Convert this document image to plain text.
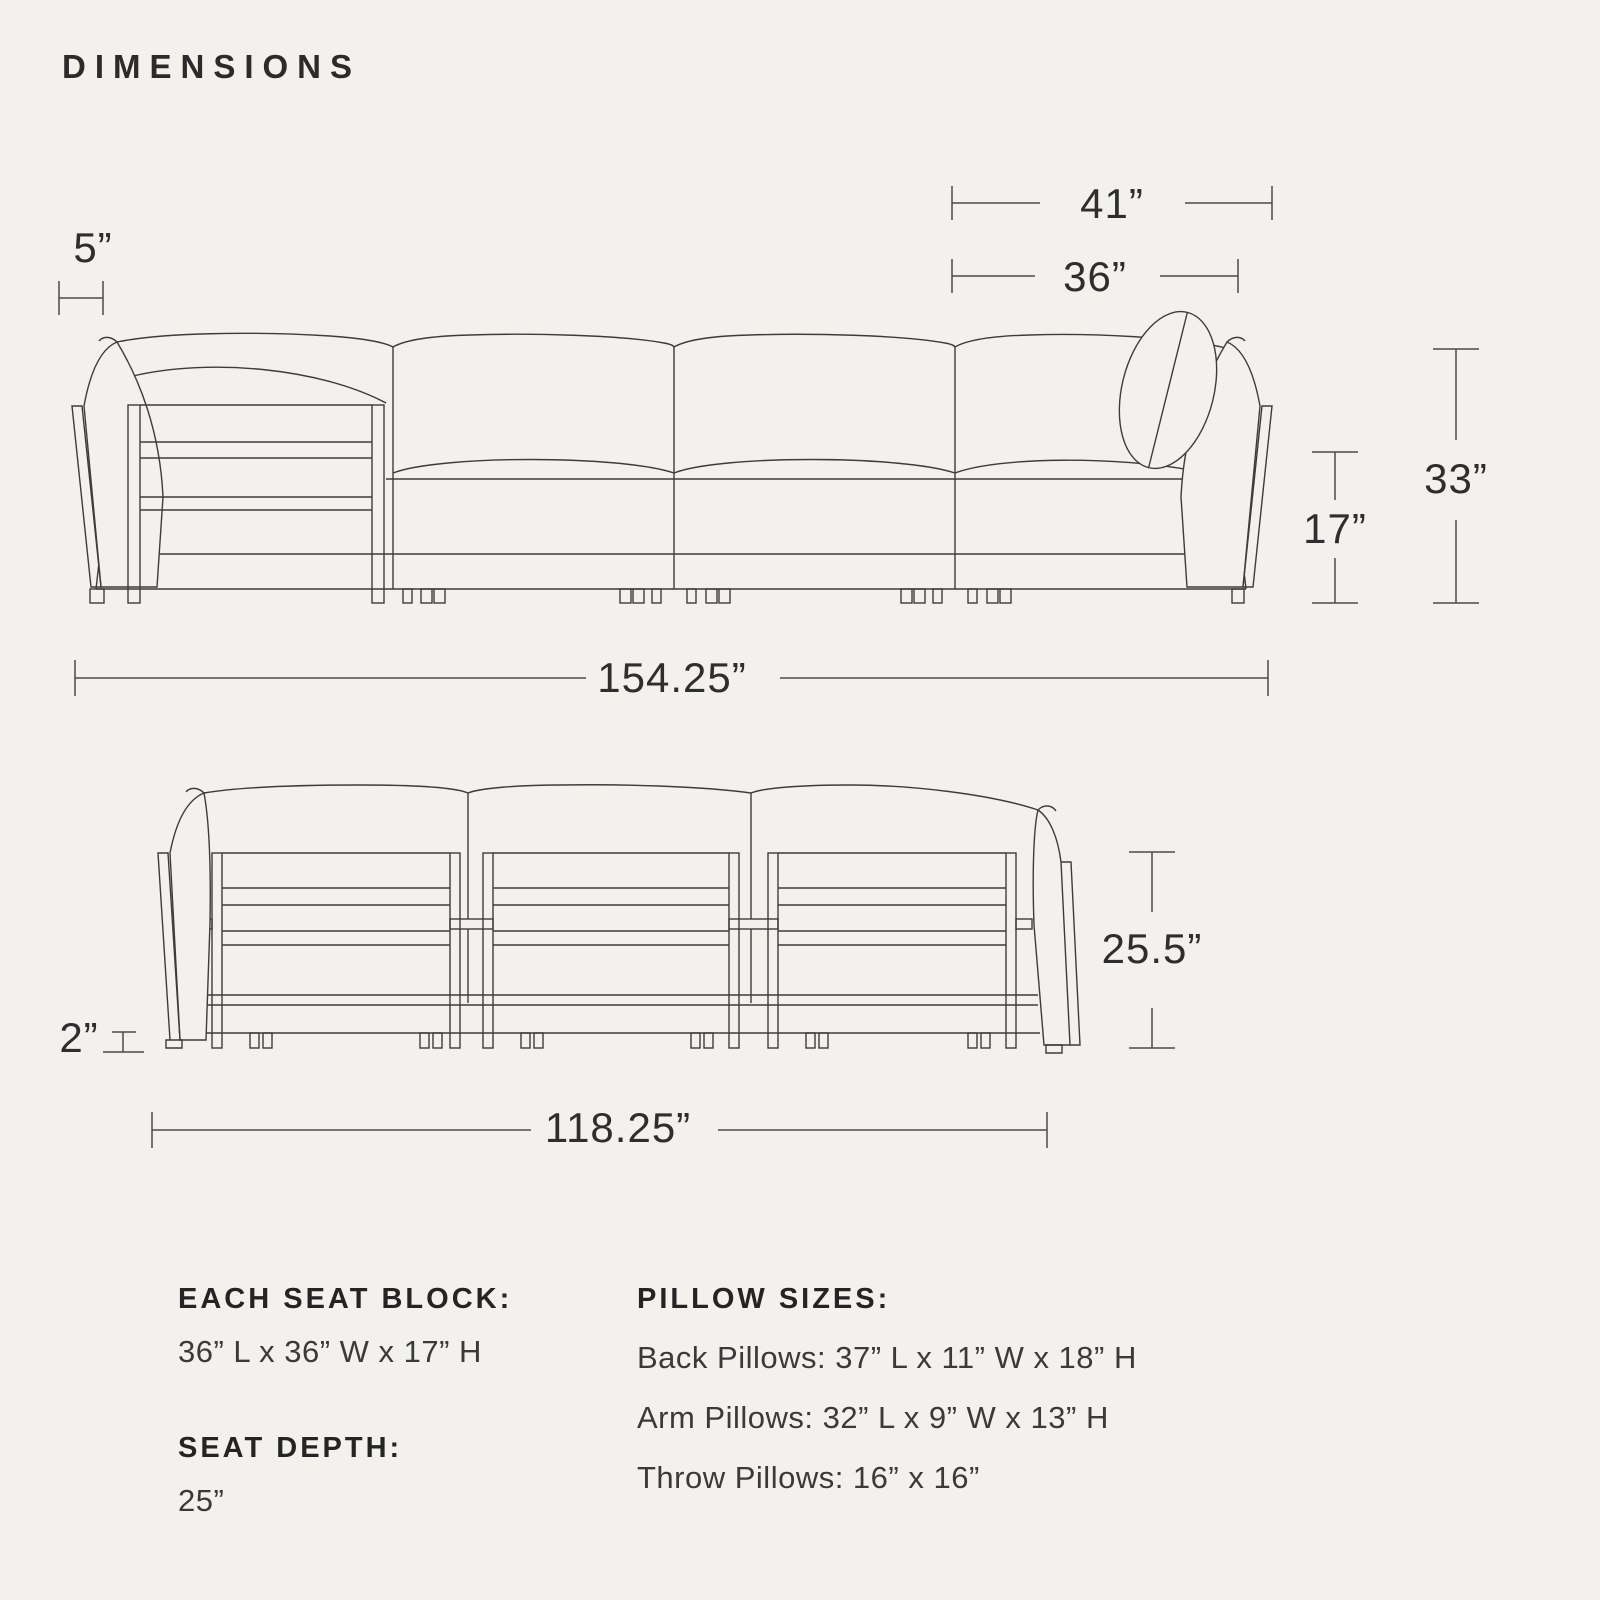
DIMENSIONS
5”
41”
36”
17”
33”
154.25”
2”
25.5”
118.25”
EACH SEAT BLOCK:
36” L x 36” W x 17” H
SEAT DEPTH:
25”
PILLOW SIZES:
Back Pillows: 37” L x 11” W x 18” H
Arm Pillows: 32” L x 9” W x 13” H
Throw Pillows: 16” x 16”
